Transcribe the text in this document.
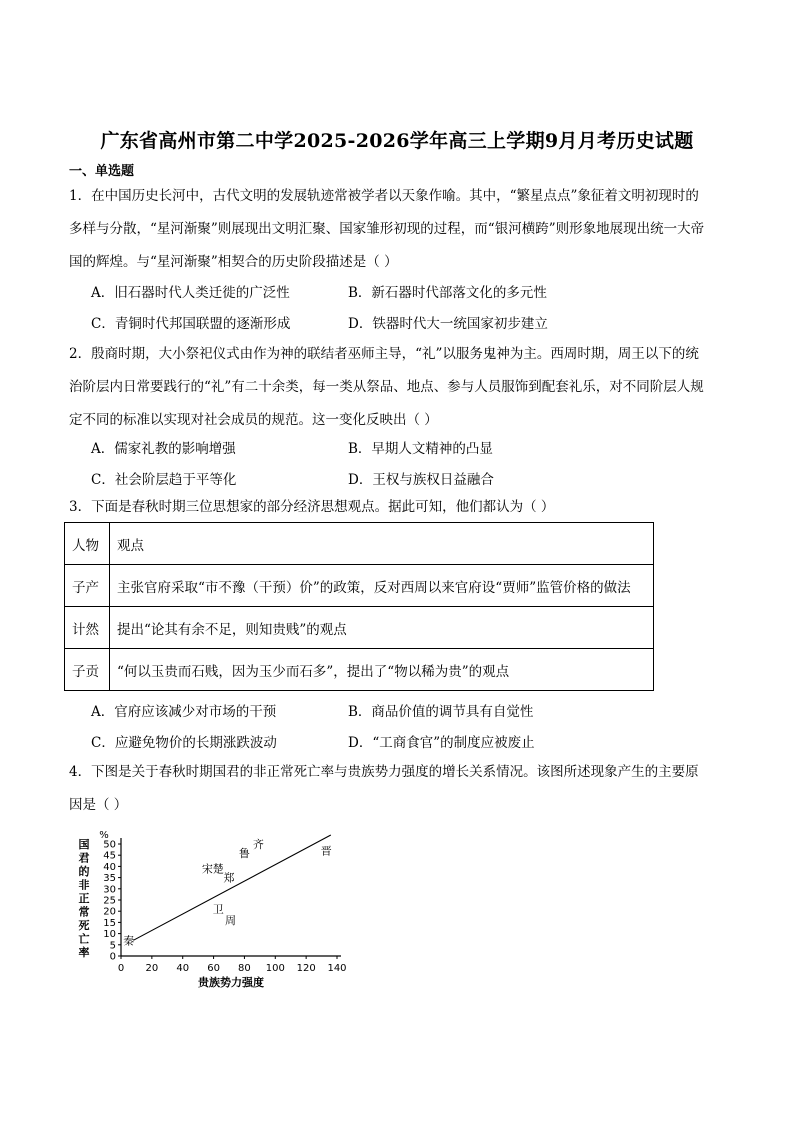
广东省高州市第二中学2025-2026学年高三上学期9月月考历史试题
一、单选题

1．在中国历史长河中，古代文明的发展轨迹常被学者以天象作喻。其中，“繁星点点”象征着文明初现时的

多样与分散，“星河渐聚”则展现出文明汇聚、国家雏形初现的过程，而“银河横跨”则形象地展现出统一大帝

国的辉煌。与“星河渐聚”相契合的历史阶段描述是（ ）

A．旧石器时代人类迁徙的广泛性	B．新石器时代部落文化的多元性
C．青铜时代邦国联盟的逐渐形成	D．铁器时代大一统国家初步建立

2．殷商时期，大小祭祀仪式由作为神的联结者巫师主导，“礼”以服务鬼神为主。西周时期，周王以下的统

治阶层内日常要践行的“礼”有二十余类，每一类从祭品、地点、参与人员服饰到配套礼乐，对不同阶层人规

定不同的标准以实现对社会成员的规范。这一变化反映出（ ）

A．儒家礼教的影响增强	B．早期人文精神的凸显
C．社会阶层趋于平等化	D．王权与族权日益融合

3．下面是春秋时期三位思想家的部分经济思想观点。据此可知，他们都认为（ ）

人物	观点
子产	主张官府采取“市不豫（干预）价”的政策，反对西周以来官府设“贾师”监管价格的做法
计然	提出“论其有余不足，则知贵贱”的观点
子贡	“何以玉贵而石贱，因为玉少而石多”，提出了“物以稀为贵”的观点
A．官府应该减少对市场的干预	B．商品价值的调节具有自觉性
C．应避免物价的长期涨跌波动	D．“工商食官”的制度应被废止

4．下图是关于春秋时期国君的非正常死亡率与贵族势力强度的增长关系情况。该图所述现象产生的主要原

因是（ ）

0 20 40 60 80 100 120 140
0
5
10
15
20
25
30
35
40
45
50
%
国
君
的
非
正
常
死
亡
率
贵族势力强度
秦
宋 楚
郑
鲁
齐
晋
卫
周
